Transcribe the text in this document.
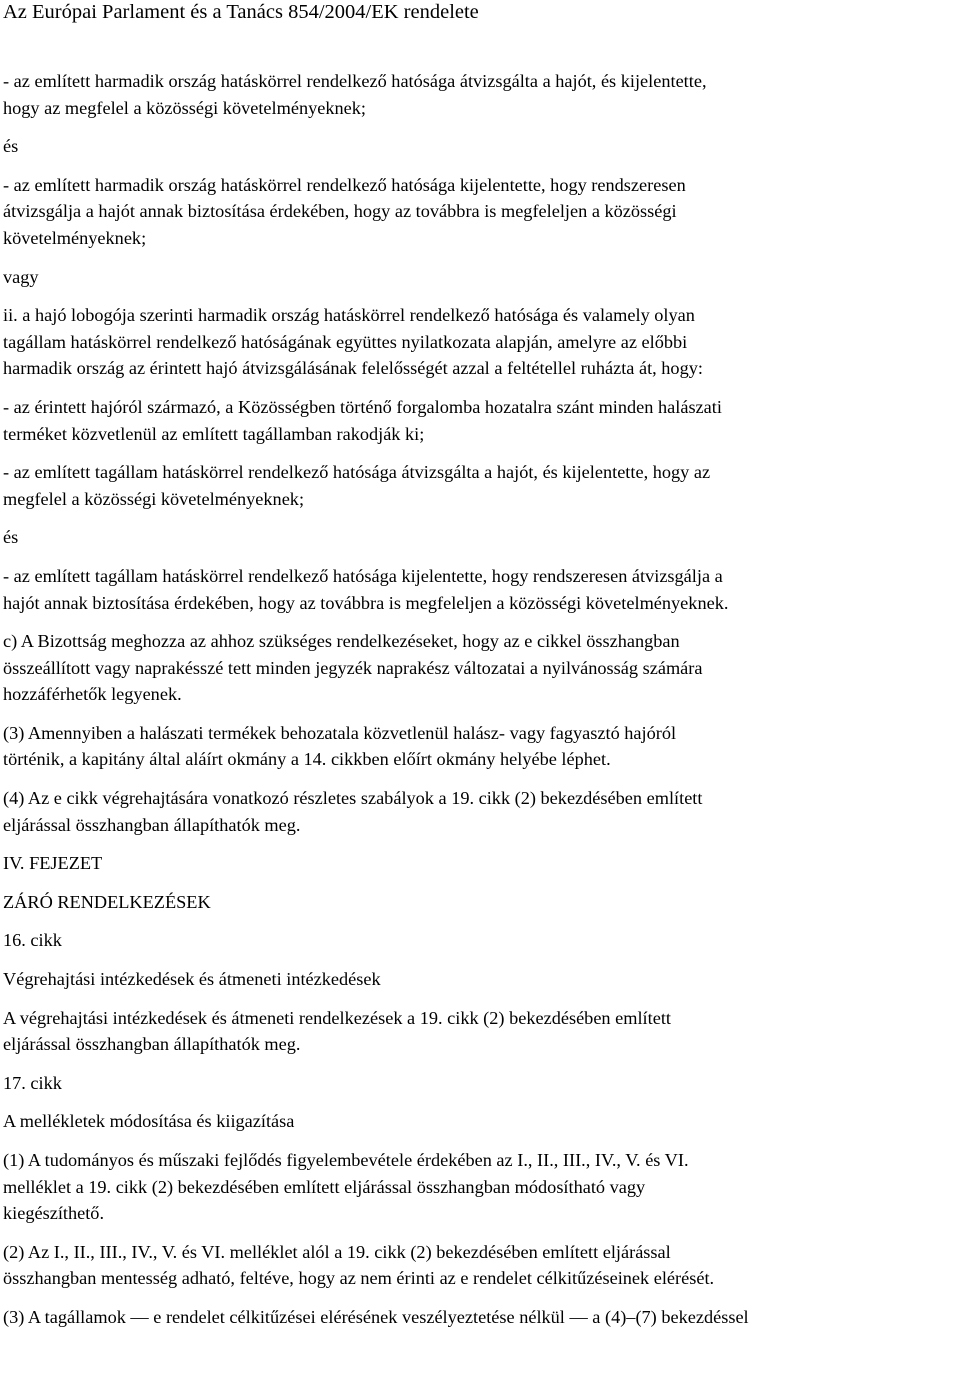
Az Európai Parlament és a Tanács 854/2004/EK rendelete
- az említett harmadik ország hatáskörrel rendelkező hatósága átvizsgálta a hajót, és kijelentette,
hogy az megfelel a közösségi követelményeknek;
és
- az említett harmadik ország hatáskörrel rendelkező hatósága kijelentette, hogy rendszeresen
átvizsgálja a hajót annak biztosítása érdekében, hogy az továbbra is megfeleljen a közösségi
követelményeknek;
vagy
ii. a hajó lobogója szerinti harmadik ország hatáskörrel rendelkező hatósága és valamely olyan
tagállam hatáskörrel rendelkező hatóságának együttes nyilatkozata alapján, amelyre az előbbi
harmadik ország az érintett hajó átvizsgálásának felelősségét azzal a feltétellel ruházta át, hogy:
- az érintett hajóról származó, a Közösségben történő forgalomba hozatalra szánt minden halászati
terméket közvetlenül az említett tagállamban rakodják ki;
- az említett tagállam hatáskörrel rendelkező hatósága átvizsgálta a hajót, és kijelentette, hogy az
megfelel a közösségi követelményeknek;
és
- az említett tagállam hatáskörrel rendelkező hatósága kijelentette, hogy rendszeresen átvizsgálja a
hajót annak biztosítása érdekében, hogy az továbbra is megfeleljen a közösségi követelményeknek.
c) A Bizottság meghozza az ahhoz szükséges rendelkezéseket, hogy az e cikkel összhangban
összeállított vagy naprakésszé tett minden jegyzék naprakész változatai a nyilvánosság számára
hozzáférhetők legyenek.
(3) Amennyiben a halászati termékek behozatala közvetlenül halász- vagy fagyasztó hajóról
történik, a kapitány által aláírt okmány a 14. cikkben előírt okmány helyébe léphet.
(4) Az e cikk végrehajtására vonatkozó részletes szabályok a 19. cikk (2) bekezdésében említett
eljárással összhangban állapíthatók meg.
IV. FEJEZET
ZÁRÓ RENDELKEZÉSEK
16. cikk
Végrehajtási intézkedések és átmeneti intézkedések
A végrehajtási intézkedések és átmeneti rendelkezések a 19. cikk (2) bekezdésében említett
eljárással összhangban állapíthatók meg.
17. cikk
A mellékletek módosítása és kiigazítása
(1) A tudományos és műszaki fejlődés figyelembevétele érdekében az I., II., III., IV., V. és VI.
melléklet a 19. cikk (2) bekezdésében említett eljárással összhangban módosítható vagy
kiegészíthető.
(2) Az I., II., III., IV., V. és VI. melléklet alól a 19. cikk (2) bekezdésében említett eljárással
összhangban mentesség adható, feltéve, hogy az nem érinti az e rendelet célkitűzéseinek elérését.
(3) A tagállamok — e rendelet célkitűzései elérésének veszélyeztetése nélkül — a (4)–(7) bekezdéssel
